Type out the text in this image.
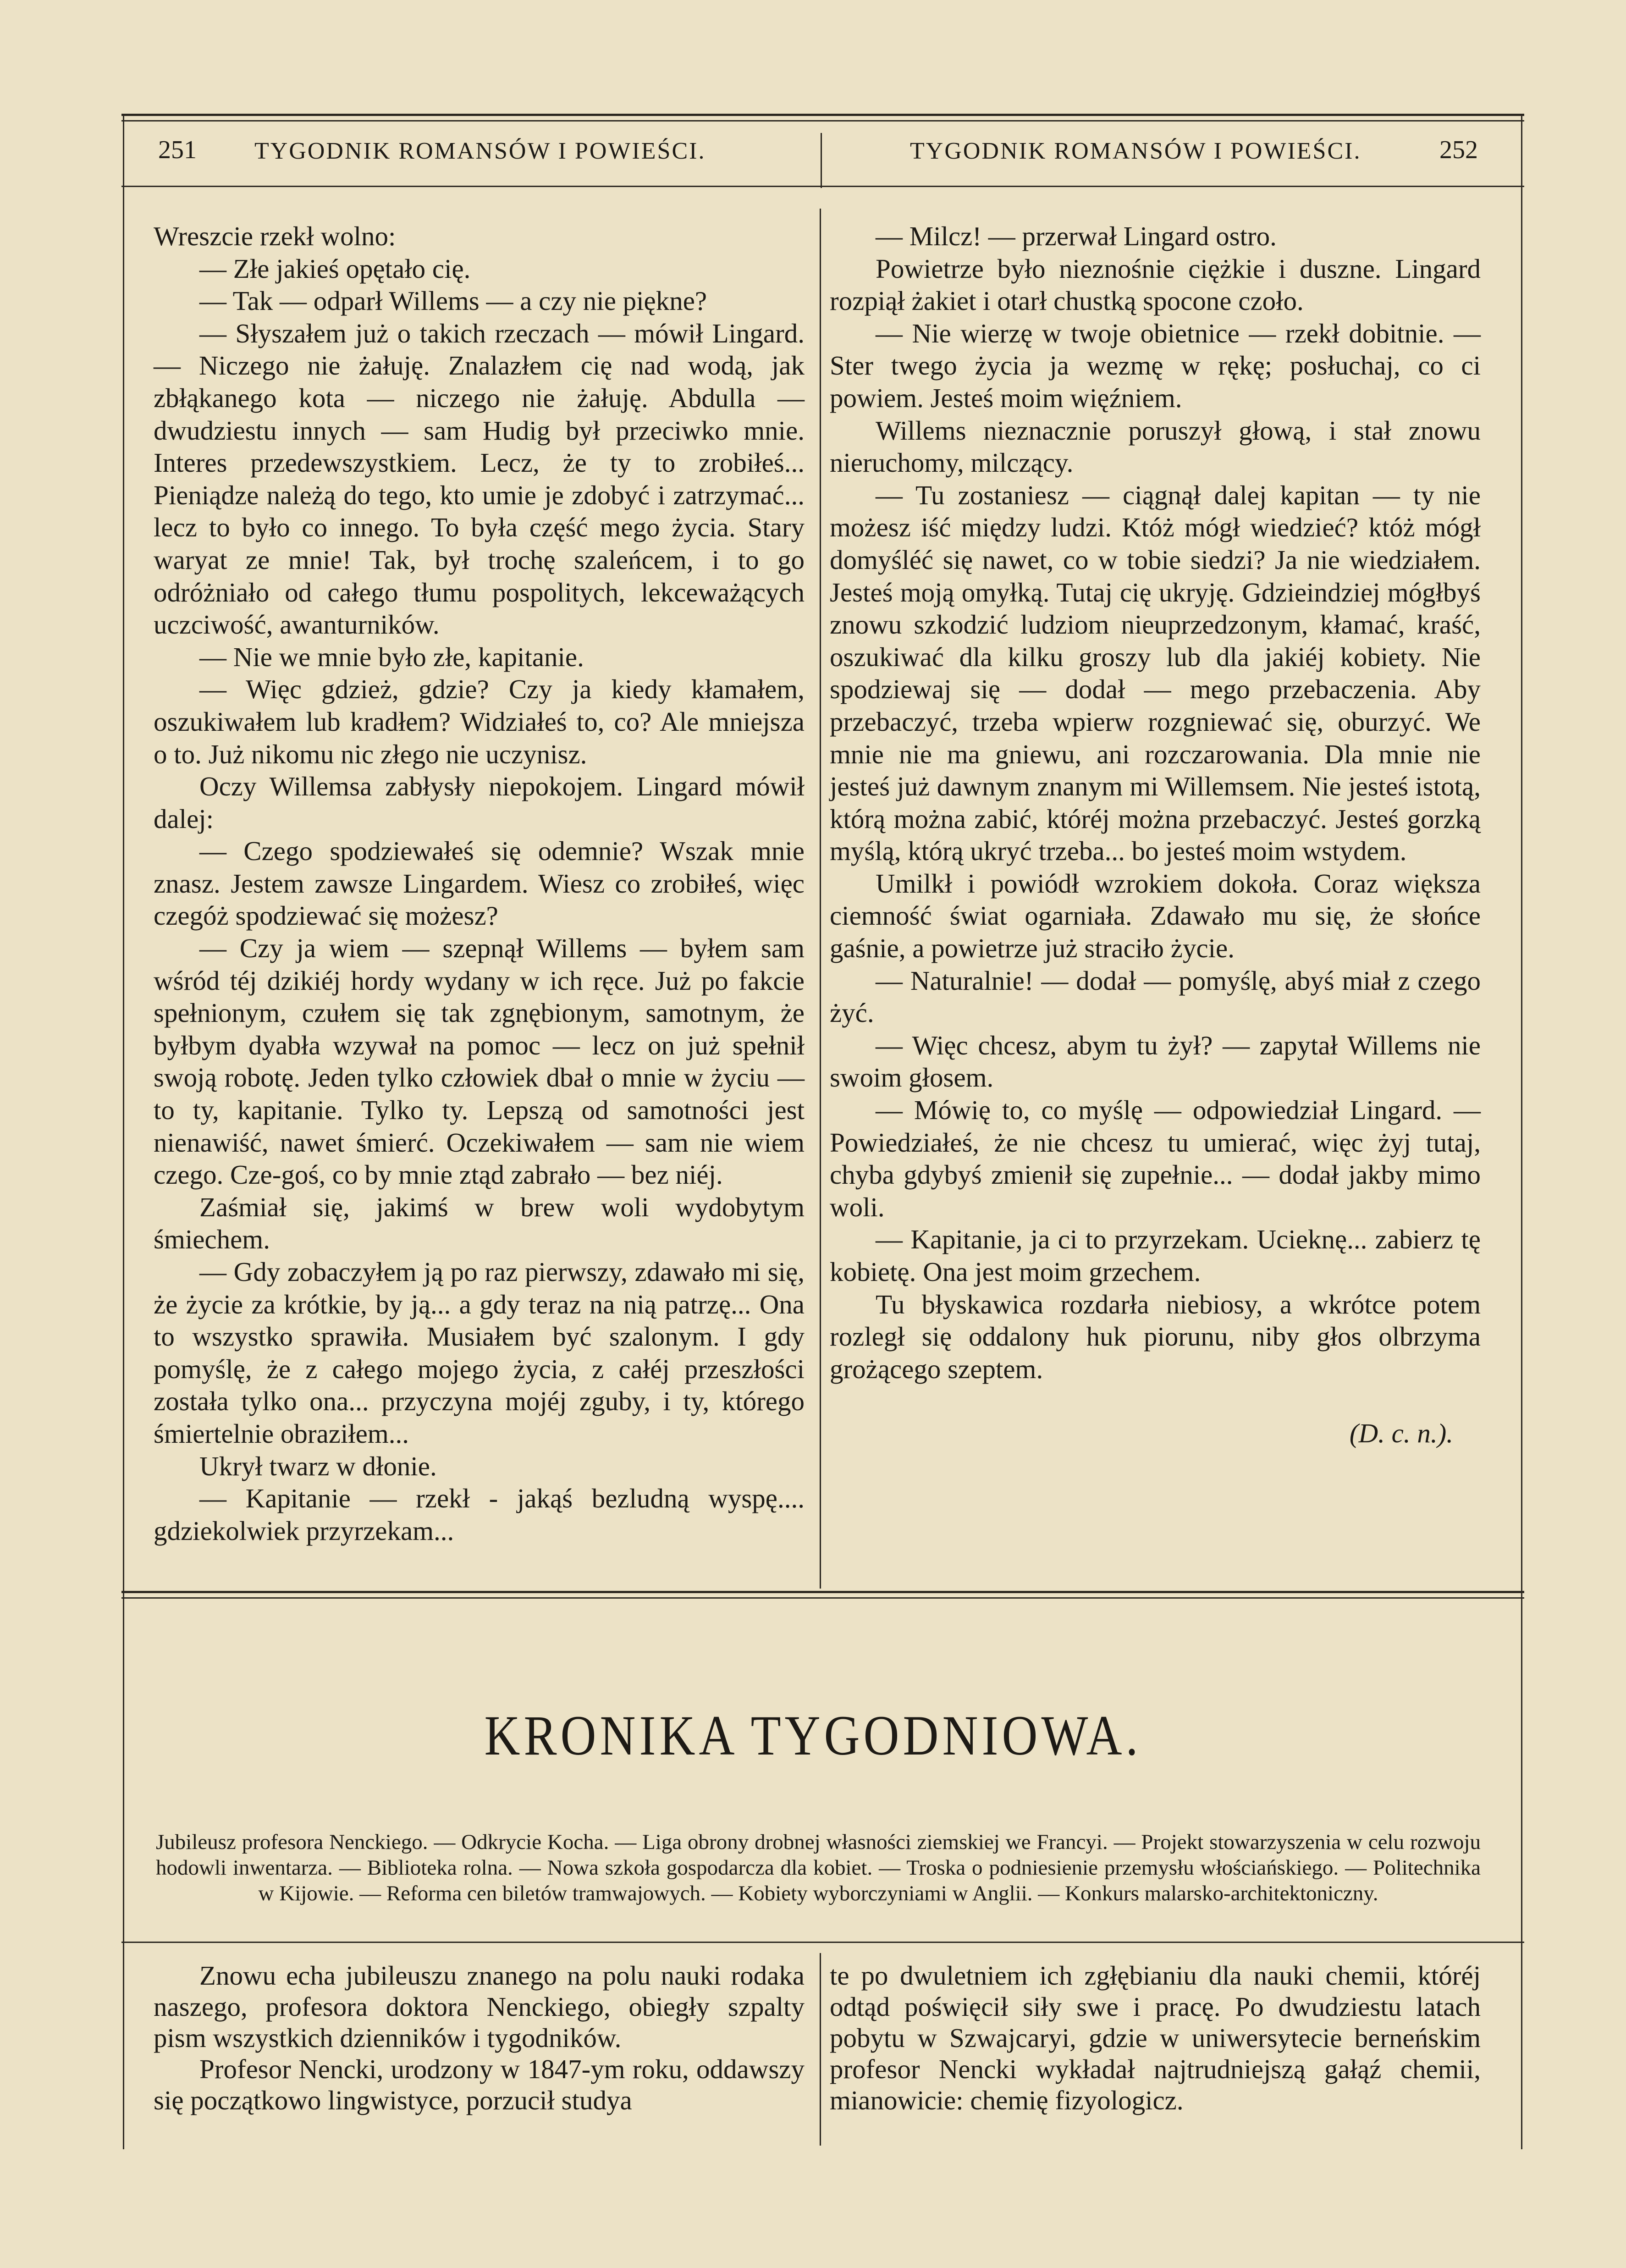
251 TYGODNIK ROMANSÓW I POWIEŚCI.	TYGODNIK ROMANSÓW I POWIEŚCI.	252

Wreszcie rzekł wolno:

— Złe jakieś opętało cię.

— Tak — odparł Willems — a czy nie piękne?

— Słyszałem już o takich rzeczach — mówił Lingard. — Niczego nie żałuję. Znalazłem cię nad wodą, jak zbłąkanego kota — niczego nie żałuję. Abdulla — dwudziestu innych — sam Hudig był przeciwko mnie. Interes przedewszystkiem. Lecz, że ty to zrobiłeś... Pieniądze należą do tego, kto umie je zdobyć i zatrzymać... lecz to było co innego. To była część mego życia. Stary waryat ze mnie! Tak, był trochę szaleńcem, i to go odróżniało od całego tłumu pospolitych, lekceważących uczciwość, awanturników.

— Nie we mnie było złe, kapitanie.

— Więc gdzież, gdzie? Czy ja kiedy kłamałem, oszukiwałem lub kradłem? Widziałeś to, co? Ale mniejsza o to. Już nikomu nic złego nie uczynisz.

Oczy Willemsa zabłysły niepokojem. Lingard mówił dalej:

— Czego spodziewałeś się odemnie? Wszak mnie znasz. Jestem zawsze Lingardem. Wiesz co zrobiłeś, więc czegóż spodziewać się możesz?

— Czy ja wiem — szepnął Willems — byłem sam wśród téj dzikiéj hordy wydany w ich ręce. Już po fakcie spełnionym, czułem się tak zgnębionym, samotnym, że byłbym dyabła wzywał na pomoc — lecz on już spełnił swoją robotę. Jeden tylko człowiek dbał o mnie w życiu — to ty, kapitanie. Tylko ty. Lepszą od samotności jest nienawiść, nawet śmierć. Oczekiwałem — sam nie wiem czego. Cze-goś, co by mnie ztąd zabrało — bez niéj.

Zaśmiał się, jakimś w brew woli wydobytym śmiechem.

— Gdy zobaczyłem ją po raz pierwszy, zdawało mi się, że życie za krótkie, by ją... a gdy teraz na nią patrzę... Ona to wszystko sprawiła. Musiałem być szalonym. I gdy pomyślę, że z całego mojego życia, z całéj przeszłości została tylko ona... przyczyna mojéj zguby, i ty, którego śmiertelnie obraziłem...

Ukrył twarz w dłonie.

— Kapitanie — rzekł - jakąś bezludną wyspę.... gdziekolwiek przyrzekam...

— Milcz! — przerwał Lingard ostro.

Powietrze było nieznośnie ciężkie i duszne. Lingard rozpiął żakiet i otarł chustką spocone czoło.

— Nie wierzę w twoje obietnice — rzekł dobitnie. — Ster twego życia ja wezmę w rękę; posłuchaj, co ci powiem. Jesteś moim więźniem.

Willems nieznacznie poruszył głową, i stał znowu nieruchomy, milczący.

— Tu zostaniesz — ciągnął dalej kapitan — ty nie możesz iść między ludzi. Któż mógł wiedzieć? któż mógł domyśléć się nawet, co w tobie siedzi? Ja nie wiedziałem. Jesteś moją omyłką. Tutaj cię ukryję. Gdzieindziej mógłbyś znowu szkodzić ludziom nieuprzedzonym, kłamać, kraść, oszukiwać dla kilku groszy lub dla jakiéj kobiety. Nie spodziewaj się — dodał — mego przebaczenia. Aby przebaczyć, trzeba wpierw rozgniewać się, oburzyć. We mnie nie ma gniewu, ani rozczarowania. Dla mnie nie jesteś już dawnym znanym mi Willemsem. Nie jesteś istotą, którą można zabić, któréj można przebaczyć. Jesteś gorzką myślą, którą ukryć trzeba... bo jesteś moim wstydem.

Umilkł i powiódł wzrokiem dokoła. Coraz większa ciemność świat ogarniała. Zdawało mu się, że słońce gaśnie, a powietrze już straciło życie.

— Naturalnie! — dodał — pomyślę, abyś miał z czego żyć.

— Więc chcesz, abym tu żył? — zapytał Willems nie swoim głosem.

— Mówię to, co myślę — odpowiedział Lingard. — Powiedziałeś, że nie chcesz tu umierać, więc żyj tutaj, chyba gdybyś zmienił się zupełnie... — dodał jakby mimo woli.

— Kapitanie, ja ci to przyrzekam. Ucieknę... zabierz tę kobietę. Ona jest moim grzechem.

Tu błyskawica rozdarła niebiosy, a wkrótce potem rozległ się oddalony huk piorunu, niby głos olbrzyma grożącego szeptem.

(D. c. n.).

KRONIKA TYGODNIOWA.
Jubileusz profesora Nenckiego. — Odkrycie Kocha. — Liga obrony drobnej własności ziemskiej we Francyi. — Projekt stowarzyszenia w celu rozwoju hodowli inwentarza. — Biblioteka rolna. — Nowa szkoła gospodarcza dla kobiet. — Troska o podniesienie przemysłu włościańskiego. — Politechnika w Kijowie. — Reforma cen biletów tramwajowych. — Kobiety wyborczyniami w Anglii. — Konkurs malarsko-architektoniczny.

Znowu echa jubileuszu znanego na polu nauki rodaka naszego, profesora doktora Nenckiego, obiegły szpalty pism wszystkich dzienników i tygodników.

Profesor Nencki, urodzony w 1847-ym roku, oddawszy się początkowo lingwistyce, porzucił studya

te po dwuletniem ich zgłębianiu dla nauki chemii, któréj odtąd poświęcił siły swe i pracę. Po dwudziestu latach pobytu w Szwajcaryi, gdzie w uniwersytecie berneńskim profesor Nencki wykładał najtrudniejszą gałąź chemii, mianowicie: chemię fizyologicz.
